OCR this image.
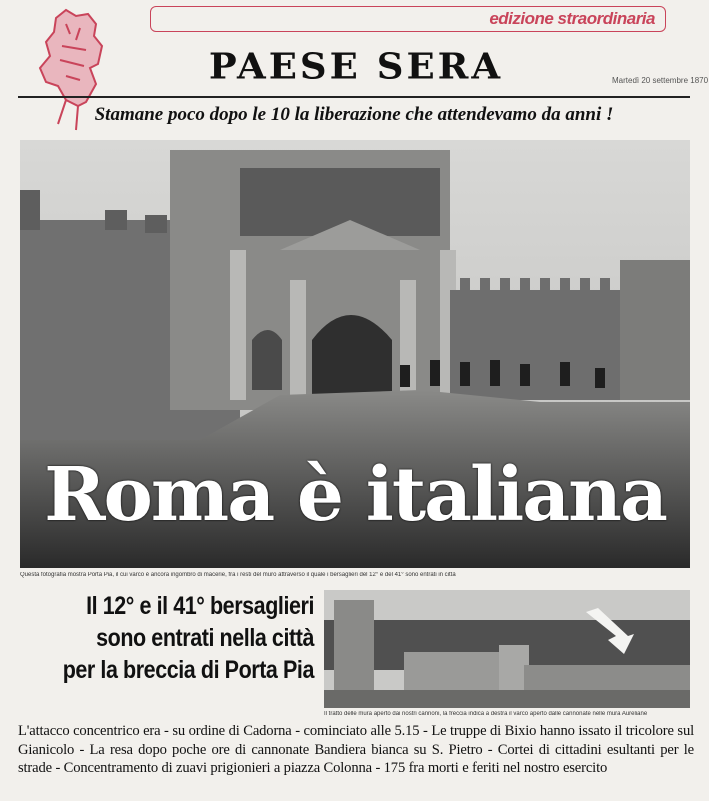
edizione straordinaria
PAESE SERA	Martedì 20 settembre 1870
Stamane poco dopo le 10 la liberazione che attendevamo da anni !
Roma è italiana
Questa fotografia mostra Porta Pia, il cui varco è ancora ingombro di macerie, fra i resti del muro attraverso il quale i bersaglieri del 12° e del 41° sono entrati in città
Il 12° e il 41° bersaglieri
sono entrati nella città
per la breccia di Porta Pia
Il tratto delle mura aperto dai nostri cannoni, la freccia indica a destra il varco aperto dalle cannonate nelle mura Aureliane
L'attacco concentrico era - su ordine di Cadorna - cominciato alle 5.15 - Le truppe di Bixio hanno issato il tricolore sul Gianicolo - La resa dopo poche ore di cannonate Bandiera bianca su S. Pietro - Cortei di cittadini esultanti per le strade - Concentramento di zuavi prigionieri a piazza Colonna - 175 fra morti e feriti nel nostro esercito
